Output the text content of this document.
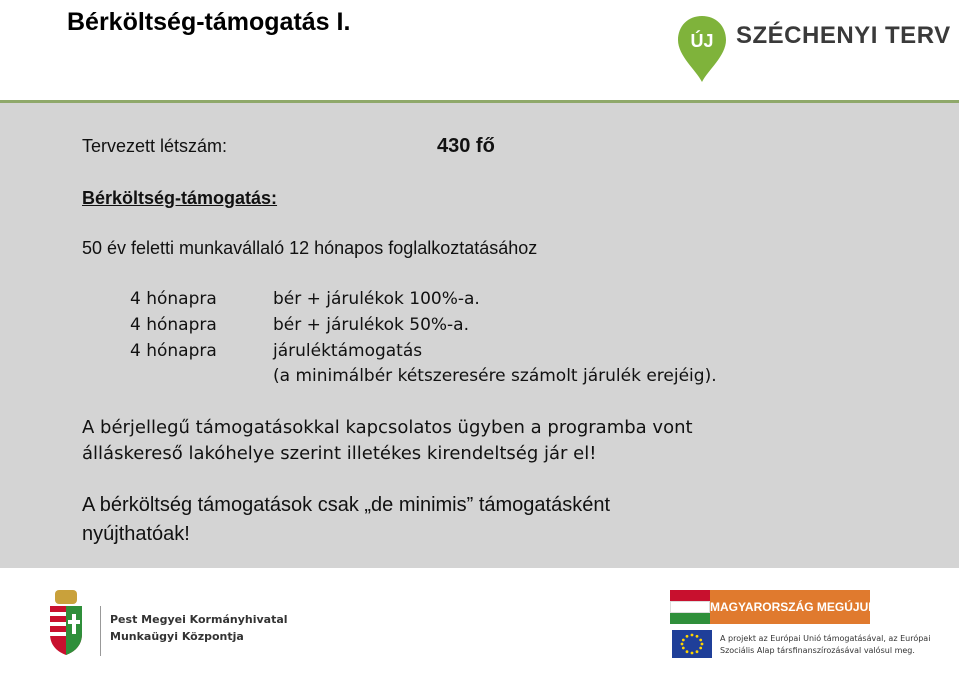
Bérköltség-támogatás I.
ÚJ SZÉCHENYI TERV
Tervezett létszám:	430 fő
Bérköltség-támogatás:
50 év feletti munkavállaló 12 hónapos foglalkoztatásához
4 hónapra	bér + járulékok 100%-a.
4 hónapra	bér + járulékok 50%-a.
4 hónapra	járuléktámogatás
(a minimálbér kétszeresére számolt járulék erejéig).
A bérjellegű támogatásokkal kapcsolatos ügyben a programba vont
álláskereső lakóhelye szerint illetékes kirendeltség jár el!
A bérköltség támogatások csak „de minimis” támogatásként
nyújthatóak!
Pest Megyei Kormányhivatal
Munkaügyi Központja
MAGYARORSZÁG MEGÚJUL
A projekt az Európai Unió támogatásával, az Európai
Szociális Alap társfinanszírozásával valósul meg.
